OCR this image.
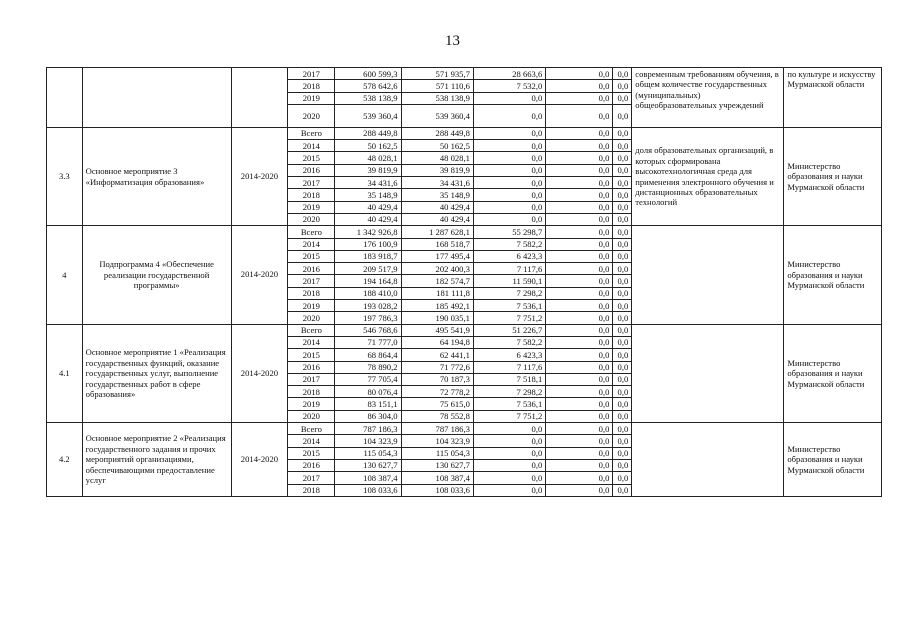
13
			2017	600 599,3	571 935,7	28 663,6	0,0	0,0	современным требованиям обучения, в общем количестве государственных (муниципальных) общеобразовательных учреждений	по культуре и искусству Мурманской области
			2018	578 642,6	571 110,6	7 532,0	0,0	0,0		
			2019	538 138,9	538 138,9	0,0	0,0	0,0		
			2020	539 360,4	539 360,4	0,0	0,0	0,0		
3.3	Основное мероприятие 3 «Информатизация образования»	2014-2020	Всего	288 449,8	288 449,8	0,0	0,0	0,0	доля образовательных организаций, в которых сформирована высокотехнологичная среда для применения электронного обучения и дистанционных образовательных технологий	Министерство образования и науки Мурманской области
			2014	50 162,5	50 162,5	0,0	0,0	0,0		
			2015	48 028,1	48 028,1	0,0	0,0	0,0		
			2016	39 819,9	39 819,9	0,0	0,0	0,0		
			2017	34 431,6	34 431,6	0,0	0,0	0,0		
			2018	35 148,9	35 148,9	0,0	0,0	0,0		
			2019	40 429,4	40 429,4	0,0	0,0	0,0		
			2020	40 429,4	40 429,4	0,0	0,0	0,0		
4	Подпрограмма 4 «Обеспечение реализации государственной программы»	2014-2020	Всего	1 342 926,8	1 287 628,1	55 298,7	0,0	0,0		Министерство образования и науки Мурманской области
			2014	176 100,9	168 518,7	7 582,2	0,0	0,0		
			2015	183 918,7	177 495,4	6 423,3	0,0	0,0		
			2016	209 517,9	202 400,3	7 117,6	0,0	0,0		
			2017	194 164,8	182 574,7	11 590,1	0,0	0,0		
			2018	188 410,0	181 111,8	7 298,2	0,0	0,0		
			2019	193 028,2	185 492,1	7 536,1	0,0	0,0		
			2020	197 786,3	190 035,1	7 751,2	0,0	0,0		
4.1	Основное мероприятие 1 «Реализация государственных функций, оказание государственных услуг, выполнение государственных работ в сфере образования»	2014-2020	Всего	546 768,6	495 541,9	51 226,7	0,0	0,0		Министерство образования и науки Мурманской области
			2014	71 777,0	64 194,8	7 582,2	0,0	0,0		
			2015	68 864,4	62 441,1	6 423,3	0,0	0,0		
			2016	78 890,2	71 772,6	7 117,6	0,0	0,0		
			2017	77 705,4	70 187,3	7 518,1	0,0	0,0		
			2018	80 076,4	72 778,2	7 298,2	0,0	0,0		
			2019	83 151,1	75 615,0	7 536,1	0,0	0,0		
			2020	86 304,0	78 552,8	7 751,2	0,0	0,0		
4.2	Основное мероприятие 2 «Реализация государственного задания и прочих мероприятий организациями, обеспечивающими предоставление услуг	2014-2020	Всего	787 186,3	787 186,3	0,0	0,0	0,0		Министерство образования и науки Мурманской области
			2014	104 323,9	104 323,9	0,0	0,0	0,0		
			2015	115 054,3	115 054,3	0,0	0,0	0,0		
			2016	130 627,7	130 627,7	0,0	0,0	0,0		
			2017	108 387,4	108 387,4	0,0	0,0	0,0		
			2018	108 033,6	108 033,6	0,0	0,0	0,0		
